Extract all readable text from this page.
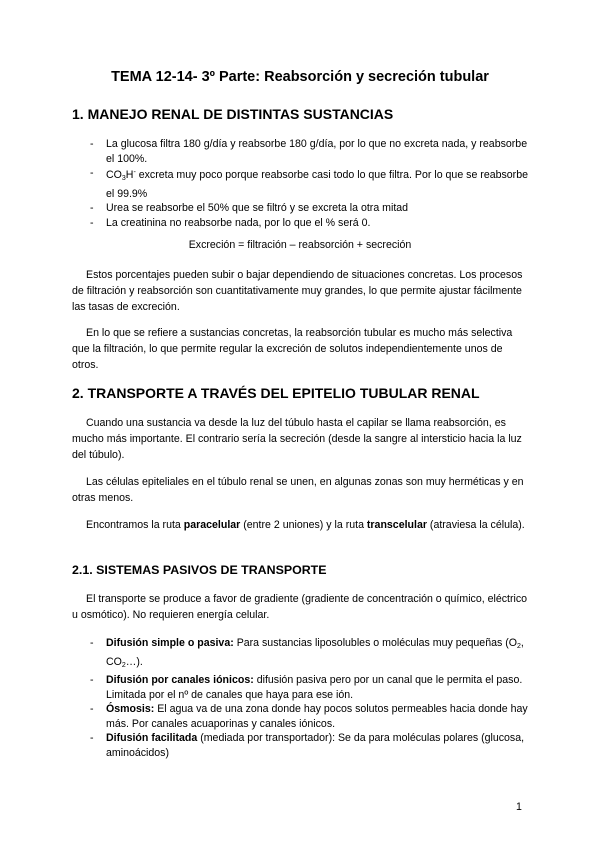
TEMA 12-14- 3º Parte: Reabsorción y secreción tubular
1. MANEJO RENAL DE DISTINTAS SUSTANCIAS
- La glucosa filtra 180 g/día y reabsorbe 180 g/día, por lo que no excreta nada, y reabsorbe el 100%.
- $CO_3H^-$ excreta muy poco porque reabsorbe casi todo lo que filtra. Por lo que se reabsorbe el 99.9%
- Urea se reabsorbe el 50% que se filtró y se excreta la otra mitad
- La creatinina no reabsorbe nada, por lo que el % será 0.
Excreción = filtración – reabsorción + secreción
Estos porcentajes pueden subir o bajar dependiendo de situaciones concretas. Los procesos de filtración y reabsorción son cuantitativamente muy grandes, lo que permite ajustar fácilmente las tasas de excreción.
En lo que se refiere a sustancias concretas, la reabsorción tubular es mucho más selectiva que la filtración, lo que permite regular la excreción de solutos independientemente unos de otros.
2. TRANSPORTE A TRAVÉS DEL EPITELIO TUBULAR RENAL
Cuando una sustancia va desde la luz del túbulo hasta el capilar se llama reabsorción, es mucho más importante. El contrario sería la secreción (desde la sangre al intersticio hacia la luz del túbulo).
Las células epiteliales en el túbulo renal se unen, en algunas zonas son muy herméticas y en otras menos.
Encontramos la ruta paracelular (entre 2 uniones) y la ruta transcelular (atraviesa la célula).
2.1. SISTEMAS PASIVOS DE TRANSPORTE
El transporte se produce a favor de gradiente (gradiente de concentración o químico, eléctrico u osmótico). No requieren energía celular.
- Difusión simple o pasiva: Para sustancias liposolubles o moléculas muy pequeñas ($O_2$, $CO_2\dots$).
- Difusión por canales iónicos: difusión pasiva pero por un canal que le permita el paso. Limitada por el nº de canales que haya para ese ión.
- Ósmosis: El agua va de una zona donde hay pocos solutos permeables hacia donde hay más. Por canales acuaporinas y canales iónicos.
- Difusión facilitada (mediada por transportador): Se da para moléculas polares (glucosa, aminoácidos)
1
